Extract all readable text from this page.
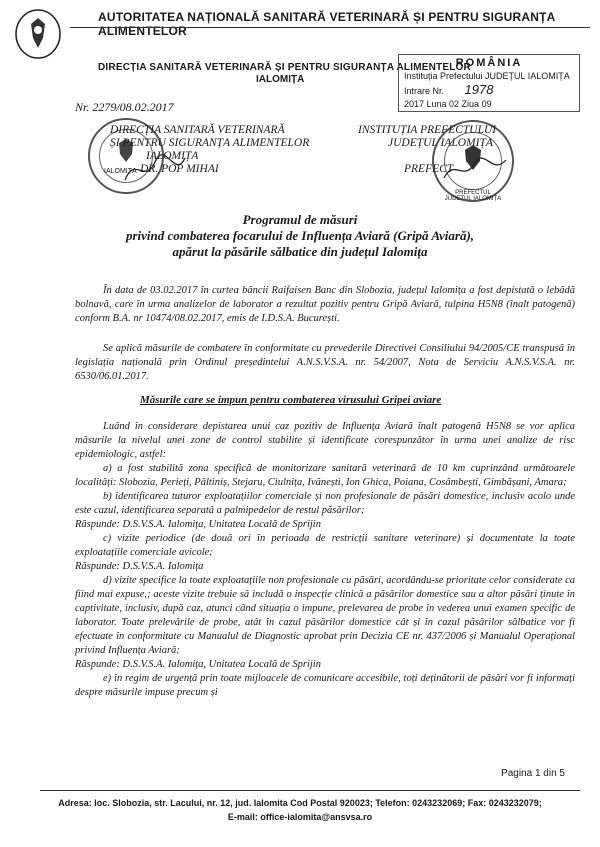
AUTORITATEA NAȚIONALĂ SANITARĂ VETERINARĂ ȘI PENTRU SIGURANȚA ALIMENTELOR
DIRECȚIA SANITARĂ VETERINARĂ ȘI PENTRU SIGURANȚA ALIMENTELOR
IALOMIȚA
ROMÂNIA
Instituția Prefectului JUDEȚUL IALOMIȚA
Intrare Nr. 1978
2017 Luna 02 Ziua 09
Nr. 2279/08.02.2017
IALOMIȚA
DIRECȚIA SANITARĂ VETERINARĂ
ȘI PENTRU SIGURANȚA ALIMENTELOR
IALOMIȚA
DR. POP MIHAI
PREFECTUL JUDEȚUL IALOMIȚA
INSTITUȚIA PREFECTULUI
JUDEȚUL IALOMIȚA
PREFECT
Programul de măsuri
privind combaterea focarului de Influența Aviară (Gripă Aviară),
apărut la păsările sălbatice din județul Ialomița

În data de 03.02.2017 în curtea băncii Raifaisen Banc din Slobozia, județul Ialomița a fost depistată o lebădă bolnavă, care în urma analizelor de laborator a rezultat pozitiv pentru Gripă Aviară, tulpina H5N8 (înalt patogenă) conform B.A. nr 10474/08.02.2017, emis de I.D.S.A. București.

Se aplică măsurile de combatere în conformitate cu prevederile Directivei Consiliului 94/2005/CE transpusă în legislația națională prin Ordinul președintelui A.N.S.V.S.A. nr. 54/2007, Nota de Serviciu A.N.S.V.S.A. nr. 6530/06.01.2017.

Măsurile care se impun pentru combaterea virusului Gripei aviare

Luând în considerare depistarea unui caz pozitiv de Influența Aviară înalt patogenă H5N8 se vor aplica măsurile la nivelul unei zone de control stabilite și identificate corespunzător în urma unei analize de risc epidemiologic, astfel:

a) a fost stabilită zona specifică de monitorizare sanitară veterinară de 10 km cuprinzând următoarele localități: Slobozia, Perieți, Păltiniș, Stejaru, Ciulnița, Ivănești, Ion Ghica, Poiana, Cosâmbești, Gimbășani, Amara;

b) identificarea tuturor exploatațiilor comerciale și non profesionale de păsări domestice, inclusiv acolo unde este cazul, identificarea separată a palmipedelor de restul păsărilor;

Răspunde: D.S.V.S.A. Ialomița, Unitatea Locală de Sprijin

c) vizite periodice (de două ori în perioada de restricții sanitare veterinare) și documentate la toate exploatațiile comerciale avicole;

Răspunde: D.S.V.S.A. Ialomița

d) vizite specifice la toate exploatațiile non profesionale cu păsări, acordându-se prioritate celor considerate ca fiind mai expuse,; aceste vizite trebuie să includă o inspecție clinică a păsărilor domestice sau a altor păsări ținute în captivitate, inclusiv, după caz, atunci când situația o impune, prelevarea de probe în vederea unui examen specific de laborator. Toate prelevările de probe, atât în cazul păsărilor domestice cât și în cazul păsărilor sălbatice vor fi efectuate în conformitate cu Manualul de Diagnostic aprobat prin Decizia CE nr. 437/2006 și Manualul Operațional privind Influența Aviară;

Răspunde: D.S.V.S.A. Ialomița, Unitatea Locală de Sprijin

e) în regim de urgență prin toate mijloacele de comunicare accesibile, toți deținătorii de păsări vor fi informați despre măsurile impuse precum și

Pagina 1 din 5
Adresa: loc. Slobozia, str. Lacului, nr. 12, jud. Ialomita Cod Postal 920023; Telefon: 0243232069; Fax: 0243232079;
E-mail: office-ialomita@ansvsa.ro
